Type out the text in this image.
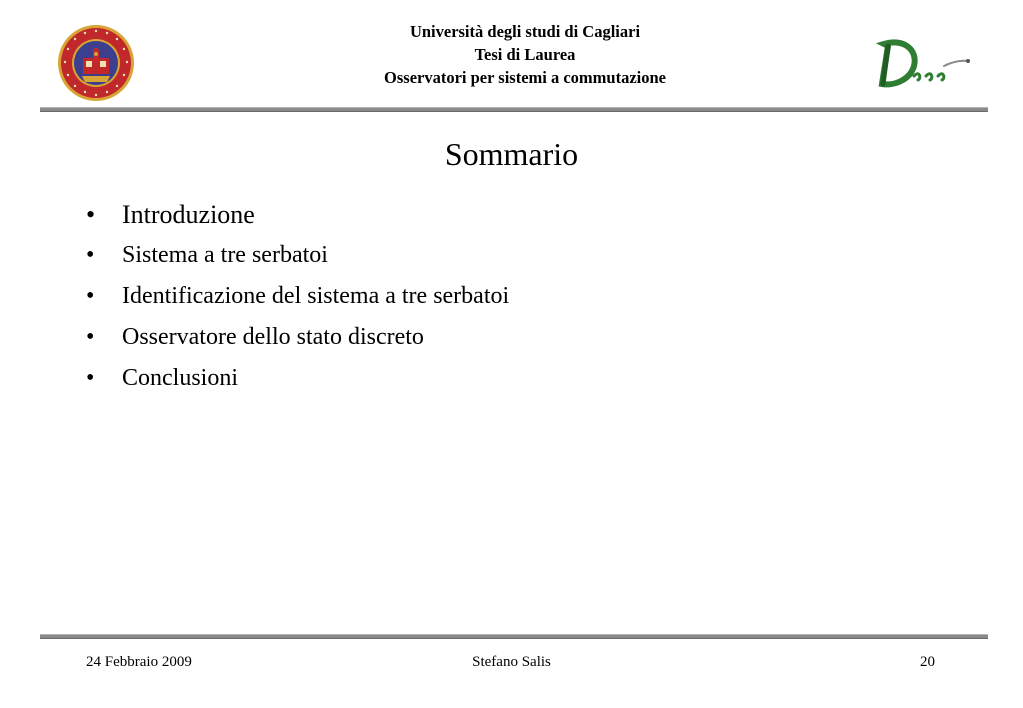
Università degli studi di Cagliari
Tesi di Laurea
Osservatori per sistemi a commutazione
Sommario
• Introduzione
• Sistema a tre serbatoi
• Identificazione del sistema a tre serbatoi
• Osservatore dello stato discreto
• Conclusioni
24 Febbraio 2009	Stefano Salis	20
